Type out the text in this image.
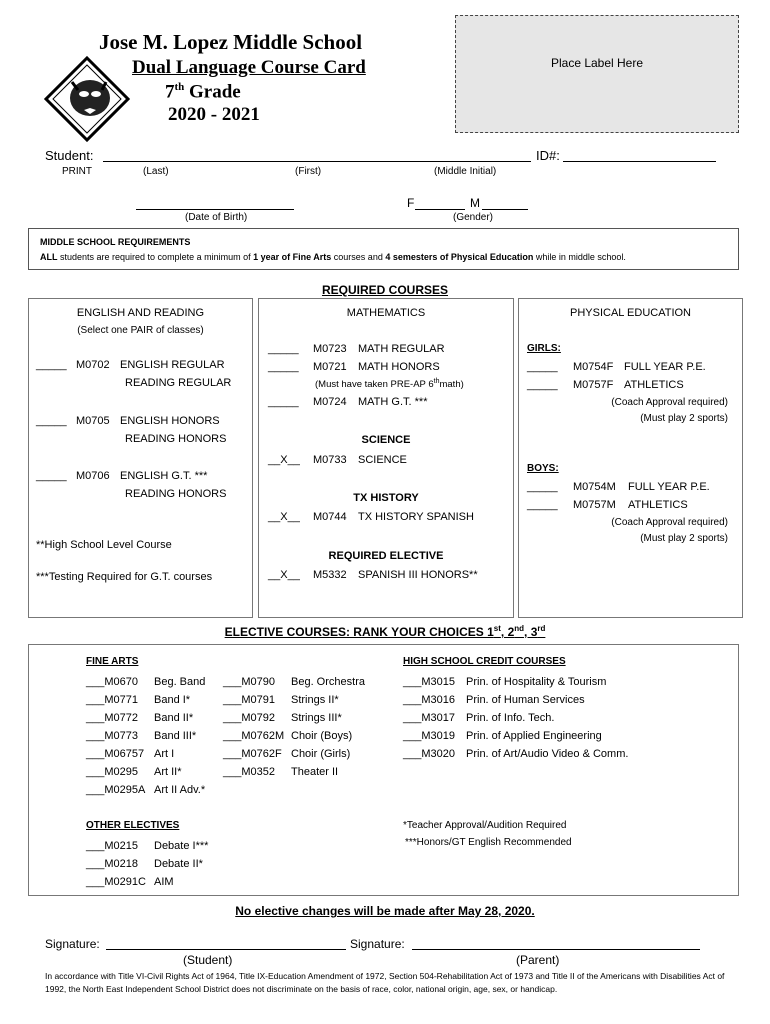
Jose M. Lopez Middle School
Dual Language Course Card
7th Grade
2020 - 2021
Place Label Here
Student:	ID#:
PRINT	(Last)	(First)	(Middle Initial)
(Date of Birth)
F	M
(Gender)
MIDDLE SCHOOL REQUIREMENTS
ALL students are required to complete a minimum of 1 year of Fine Arts courses and 4 semesters of Physical Education while in middle school.
REQUIRED COURSES
ENGLISH AND READING
(Select one PAIR of classes)
_____ M0702 ENGLISH REGULAR
READING REGULAR
_____ M0705 ENGLISH HONORS
READING HONORS
_____ M0706 ENGLISH G.T. ***
READING HONORS
**High School Level Course
***Testing Required for G.T. courses
MATHEMATICS
_____ M0723 MATH REGULAR
_____ M0721 MATH HONORS
(Must have taken PRE-AP 6thmath)
_____ M0724 MATH G.T. ***
SCIENCE
__X__ M0733 SCIENCE
TX HISTORY
__X__ M0744 TX HISTORY SPANISH
REQUIRED ELECTIVE
__X__ M5332 SPANISH III HONORS**
PHYSICAL EDUCATION
GIRLS:
_____ M0754F FULL YEAR P.E.
_____ M0757F ATHLETICS
(Coach Approval required)
(Must play 2 sports)
BOYS:
_____ M0754M FULL YEAR P.E.
_____ M0757M ATHLETICS
(Coach Approval required)
(Must play 2 sports)
ELECTIVE COURSES: RANK YOUR CHOICES 1st, 2nd, 3rd
FINE ARTS
___M0670 Beg. Band
___M0771 Band I*
___M0772 Band II*
___M0773 Band III*
___M06757 Art I
___M0295 Art II*
___M0295A Art II Adv.*
___M0790 Beg. Orchestra
___M0791 Strings II*
___M0792 Strings III*
___M0762M Choir (Boys)
___M0762F Choir (Girls)
___M0352 Theater II
HIGH SCHOOL CREDIT COURSES
___M3015 Prin. of Hospitality & Tourism
___M3016 Prin. of Human Services
___M3017 Prin. of Info. Tech.
___M3019 Prin. of Applied Engineering
___M3020 Prin. of Art/Audio Video & Comm.
OTHER ELECTIVES
___M0215 Debate I***
___M0218 Debate II*
___M0291C AIM
*Teacher Approval/Audition Required
***Honors/GT English Recommended
No elective changes will be made after May 28, 2020.
Signature:	Signature:
(Student)	(Parent)
In accordance with Title VI-Civil Rights Act of 1964, Title IX-Education Amendment of 1972, Section 504-Rehabilitation Act of 1973 and Title II of the Americans with Disabilities Act of 1992, the North East Independent School District does not discriminate on the basis of race, color, national origin, age, sex, or handicap.
